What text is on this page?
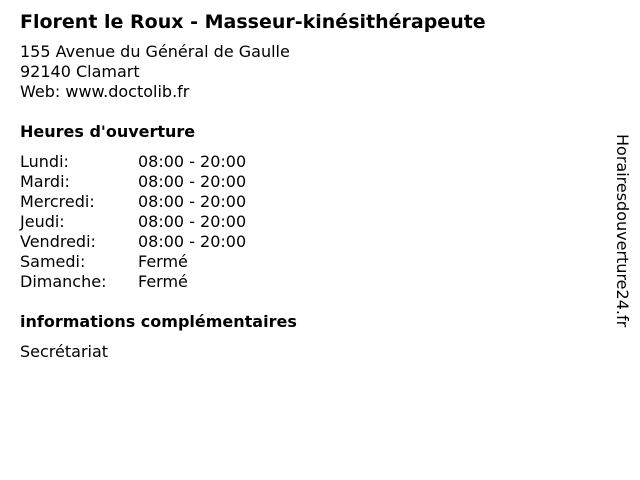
Florent le Roux - Masseur-kinésithérapeute
155 Avenue du Général de Gaulle
92140 Clamart
Web: www.doctolib.fr
Heures d'ouverture
Lundi:	08:00 - 20:00
Mardi:	08:00 - 20:00
Mercredi:	08:00 - 20:00
Jeudi:	08:00 - 20:00
Vendredi:	08:00 - 20:00
Samedi:	Fermé
Dimanche:	Fermé
informations complémentaires
Secrétariat
Horairesdouverture24.fr
